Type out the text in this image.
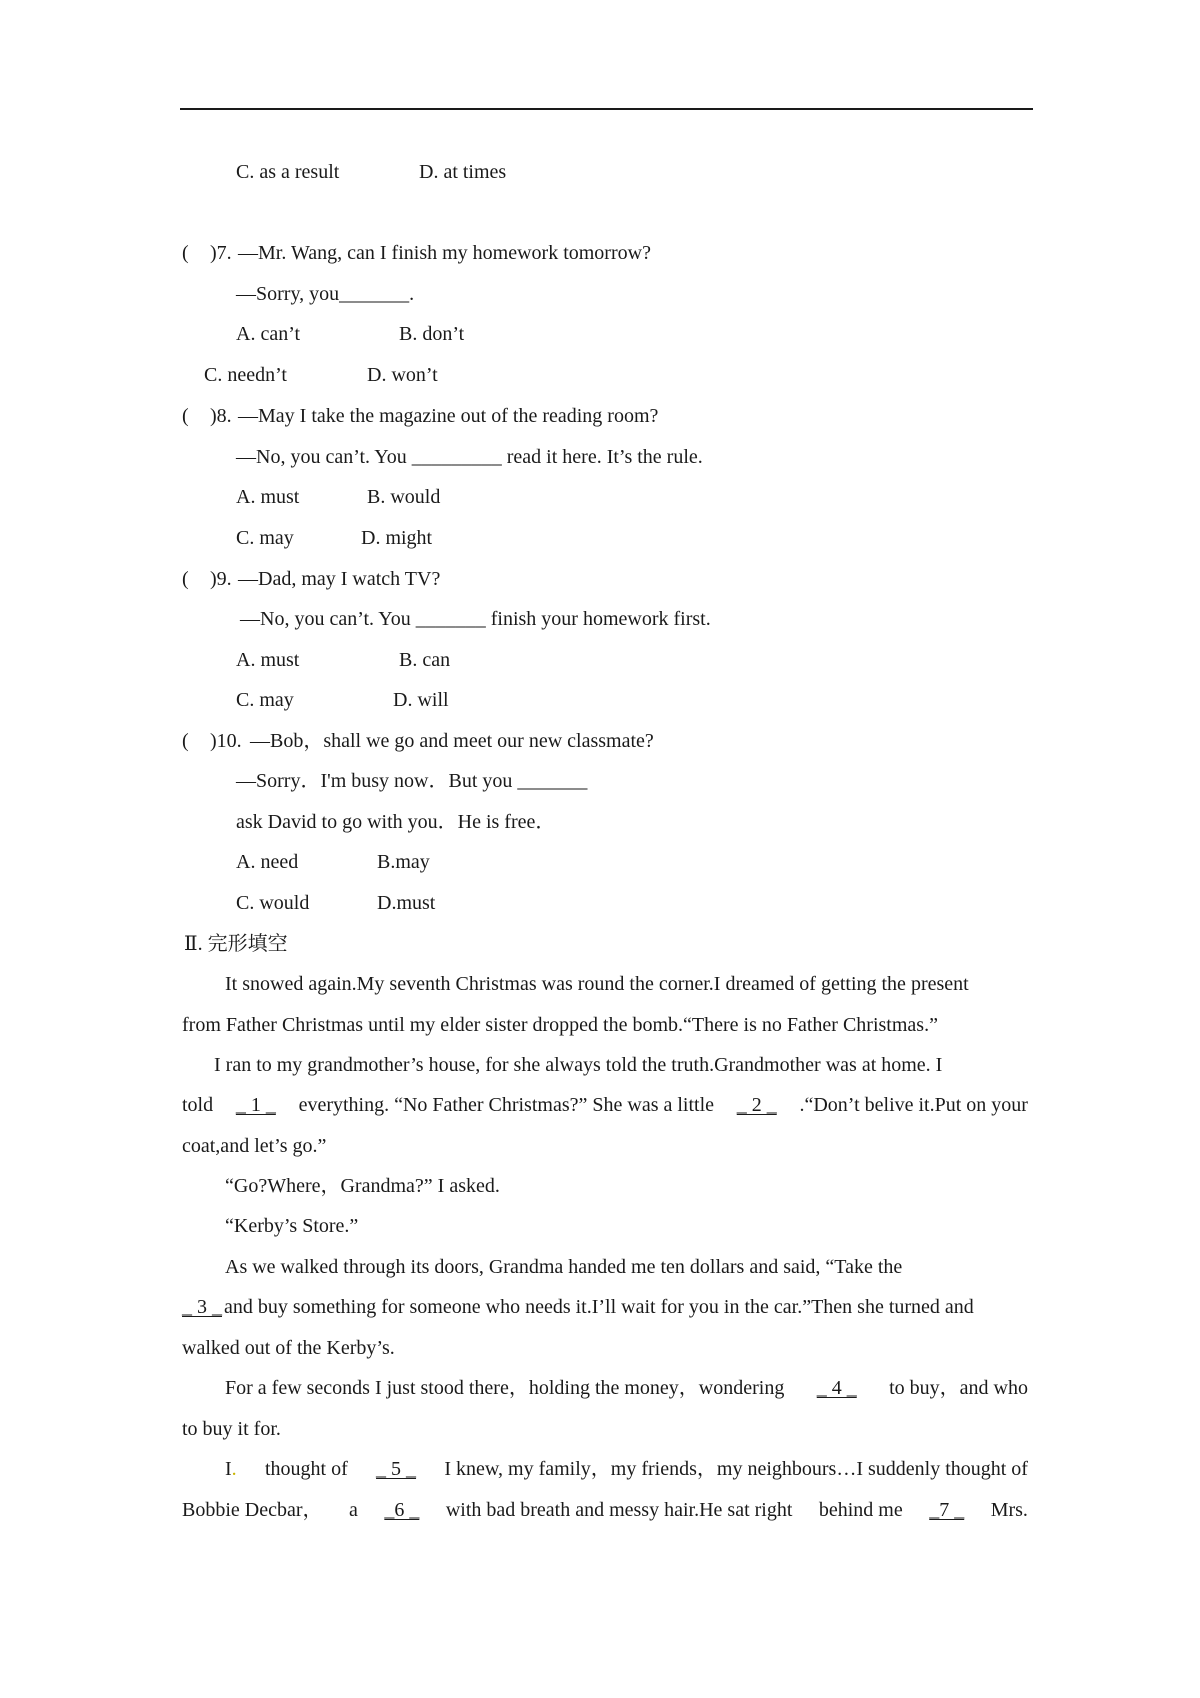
C. as a result	D. at times
( )7. —Mr. Wang, can I finish my homework tomorrow?
—Sorry, you_______.
A. can’t	B. don’t
C. needn’t	D. won’t
( )8. —May I take the magazine out of the reading room?
—No, you can’t. You _________ read it here. It’s the rule.
A. must	B. would
C. may	D. might
( )9. —Dad, may I watch TV?
—No, you can’t. You _______ finish your homework first.
A. must	B. can
C. may	D. will
( )10. —Bob，shall we go and meet our new classmate?
—Sorry．I'm busy now．But you _______
ask David to go with you．He is free．
A. need	B.may
C. would	D.must
Ⅱ. 完形填空
It snowed again.My seventh Christmas was round the corner.I dreamed of getting the present
from Father Christmas until my elder sister dropped the bomb.“There is no Father Christmas.”
I ran to my grandmother’s house, for she always told the truth.Grandmother was at home. I
told _ 1 _ everything. “No Father Christmas?” She was a little _ 2 _ .“Don’t belive it.Put on your
coat,and let’s go.”
“Go?Where，Grandma?” I asked.
“Kerby’s Store.”
As we walked through its doors, Grandma handed me ten dollars and said, “Take the
_ 3 _ and buy something for someone who needs it.I’ll wait for you in the car.”Then she turned and
walked out of the Kerby’s.
For a few seconds I just stood there，holding the money，wondering _ 4 _ to buy，and who
to buy it for.
I. thought of _ 5 _ I knew, my family，my friends，my neighbours…I suddenly thought of
Bobbie Decbar， a _6 _ with bad breath and messy hair.He sat right behind me _7 _ Mrs.
